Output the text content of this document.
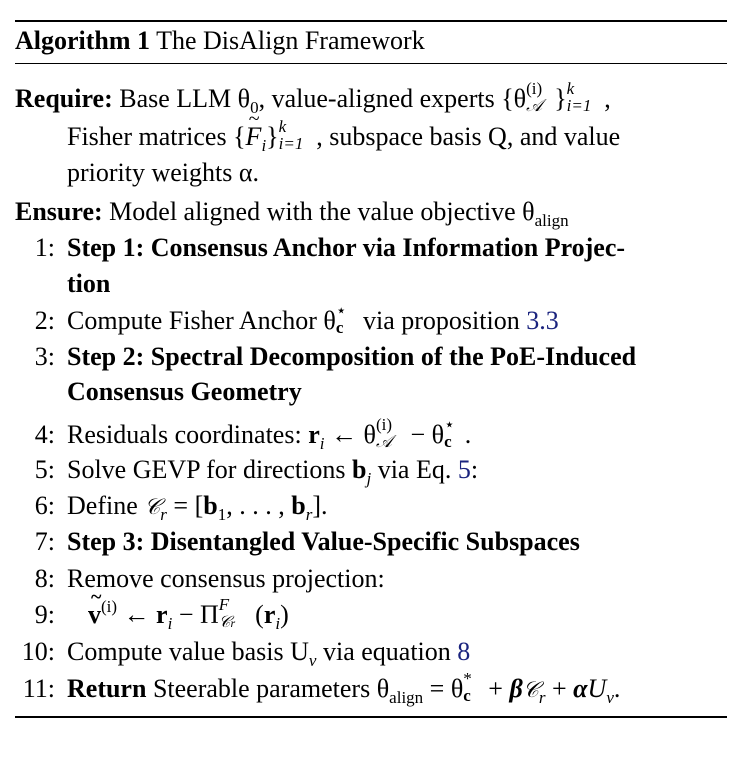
Algorithm 1 The DisAlign Framework
Require: Base LLM $\theta_0$, value-aligned experts {$\theta^{(i)}$
𝒜 }$^k$
i=1 ,
Fisher matrices {~ $F_i\}^k$
i=1 , subspace basis Q, and value
priority weights α.
Ensure: Model aligned with the value objective $\theta_{align}$
1: Step 1: Consensus Anchor via Information Projec-
tion
2: Compute Fisher Anchor θ⋆
c via proposition 3.3
3: Step 2: Spectral Decomposition of the PoE-Induced
Consensus Geometry
4: Residuals coordinates: $r_i$ ← $\theta^{(i)}$
𝒜 − θ⋆
c .
5: Solve GEVP for directions $b_j$ via Eq. 5:
6: Define 𝒞$_r$ = [$b_1$, . . . , $b_r$].
7: Step 3: Disentangled Value-Specific Subspaces
8: Remove consensus projection:
9:
~ $v^{(i)}$ ← $r_i - \Pi^F$
𝒞r $(r_i)$
10: Compute value basis $U_v$ via equation 8
11: Return Steerable parameters $\theta_{align} = \theta^*$
c + β𝒞$_r$ + $\alpha U_v$.
